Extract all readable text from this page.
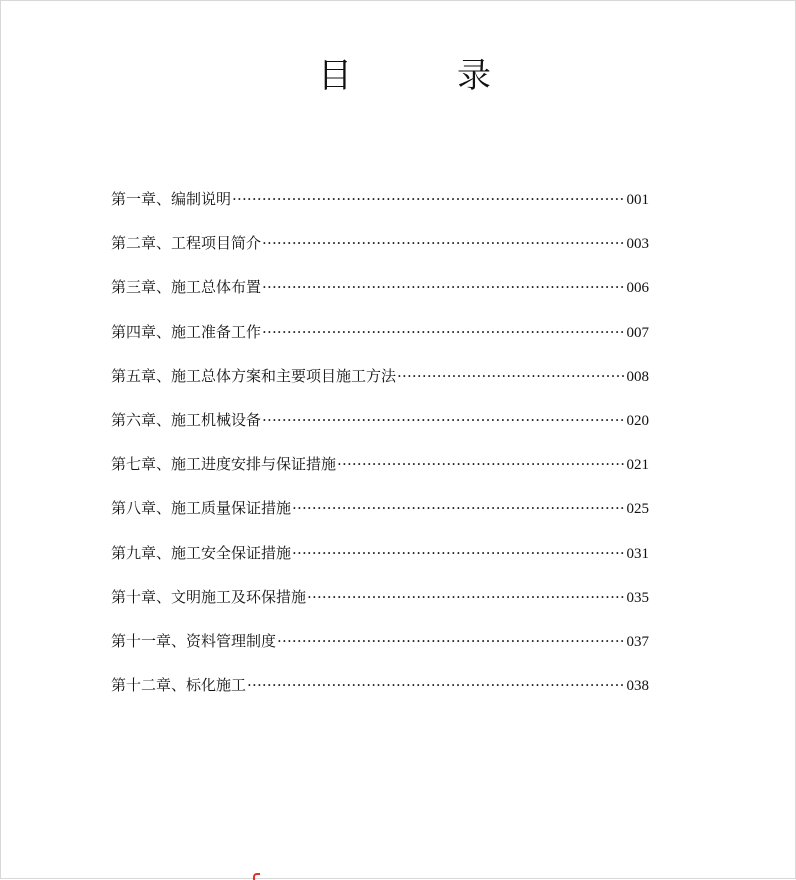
目	录
第一章、编制说明 ·····	001
第二章、工程项目简介 ·····	003
第三章、施工总体布置 ·····	006
第四章、施工准备工作 ·····	007
第五章、施工总体方案和主要项目施工方法 ·····	008
第六章、施工机械设备 ·····	020
第七章、施工进度安排与保证措施 ·····	021
第八章、施工质量保证措施 ·····	025
第九章、施工安全保证措施 ·····	031
第十章、文明施工及环保措施 ·····	035
第十一章、资料管理制度 ·····	037
第十二章、标化施工 ·····	038
